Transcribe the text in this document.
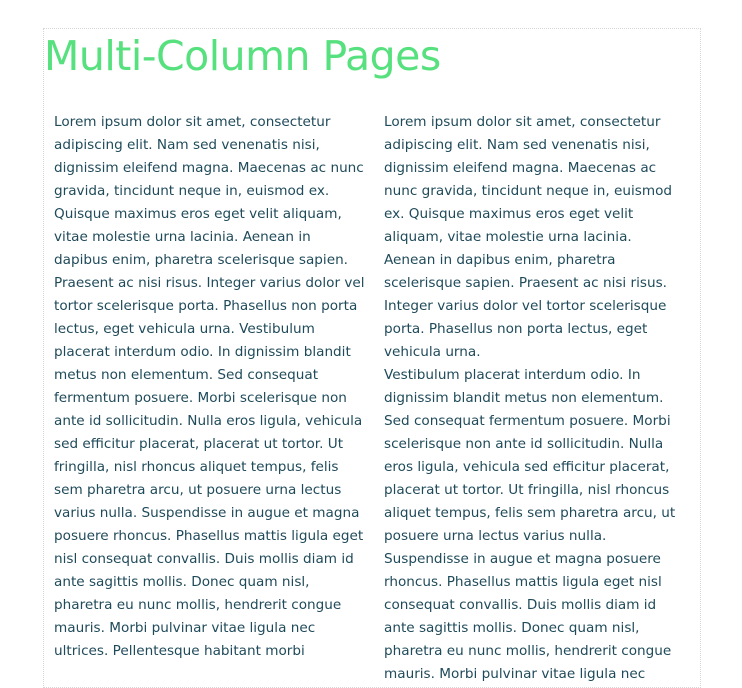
Multi-Column Pages

Lorem ipsum dolor sit amet, consectetur adipiscing elit. Nam sed venenatis nisi, dignissim eleifend magna. Maecenas ac nunc gravida, tincidunt neque in, euismod ex. Quisque maximus eros eget velit aliquam, vitae molestie urna lacinia. Aenean in dapibus enim, pharetra scelerisque sapien. Praesent ac nisi risus. Integer varius dolor vel tortor scelerisque porta. Phasellus non porta lectus, eget vehicula urna. Vestibulum placerat interdum odio. In dignissim blandit metus non elementum. Sed consequat fermentum posuere. Morbi scelerisque non ante id sollicitudin. Nulla eros ligula, vehicula sed efficitur placerat, placerat ut tortor. Ut fringilla, nisl rhoncus aliquet tempus, felis sem pharetra arcu, ut posuere urna lectus varius nulla. Suspendisse in augue et magna posuere rhoncus. Phasellus mattis ligula eget nisl consequat convallis. Duis mollis diam id ante sagittis mollis. Donec quam nisl, pharetra eu nunc mollis, hendrerit congue mauris. Morbi pulvinar vitae ligula nec ultrices. Pellentesque habitant morbi

Lorem ipsum dolor sit amet, consectetur adipiscing elit. Nam sed venenatis nisi, dignissim eleifend magna. Maecenas ac nunc gravida, tincidunt neque in, euismod ex. Quisque maximus eros eget velit aliquam, vitae molestie urna lacinia. Aenean in dapibus enim, pharetra scelerisque sapien. Praesent ac nisi risus. Integer varius dolor vel tortor scelerisque porta. Phasellus non porta lectus, eget vehicula urna.

Vestibulum placerat interdum odio. In dignissim blandit metus non elementum. Sed consequat fermentum posuere. Morbi scelerisque non ante id sollicitudin. Nulla eros ligula, vehicula sed efficitur placerat, placerat ut tortor. Ut fringilla, nisl rhoncus aliquet tempus, felis sem pharetra arcu, ut posuere urna lectus varius nulla. Suspendisse in augue et magna posuere rhoncus. Phasellus mattis ligula eget nisl consequat convallis. Duis mollis diam id ante sagittis mollis. Donec quam nisl, pharetra eu nunc mollis, hendrerit congue mauris. Morbi pulvinar vitae ligula nec
